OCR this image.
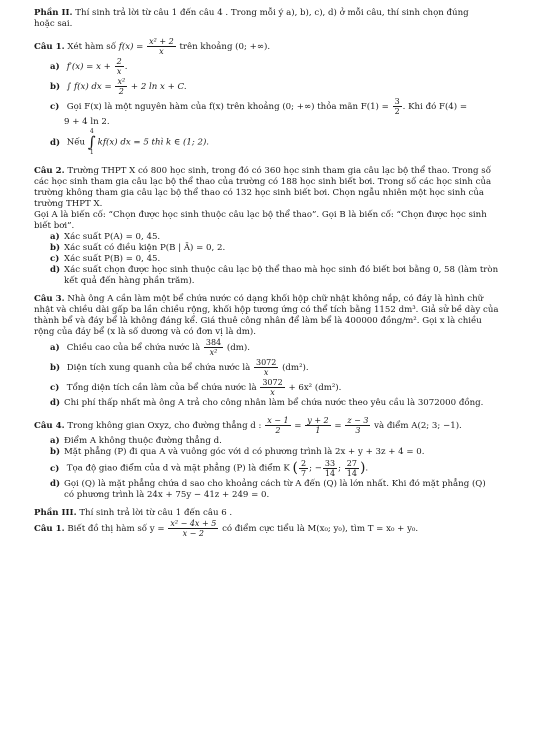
Phần II. Thí sinh trả lời từ câu 1 đến câu 4 . Trong mỗi ý a), b), c), d) ở mỗi câu, thí sinh chọn đúng

hoặc sai.

Câu 1. Xét hàm số $f(x) = \frac{\text{x² + 2}}{x}$ trên khoảng (0; +∞).

a) $f'(x) = x + \frac{2}{x}$ .

b) ∫ f(x) dx = $\frac{\text{x²}}{2} + 2$ ln x + C.

c) Gọi F(x) là một nguyên hàm của f(x) trên khoảng (0; +∞) thỏa mãn $F(1) = \frac{3}{2}$ . Khi đó F(4) =

9 + 4 ln 2.

d) Nếu
4
∫
1
kf(x) dx = 5 thì k ∈ (1; 2).

Câu 2. Trường THPT X có 800 học sinh, trong đó có 360 học sinh tham gia câu lạc bộ thể thao. Trong số

các học sinh tham gia câu lạc bộ thể thao của trường có 188 học sinh biết bơi. Trong số các học sinh của

trường không tham gia câu lạc bộ thể thao có 132 học sinh biết bơi. Chọn ngẫu nhiên một học sinh của

trường THPT X.

Gọi A là biến cố: “Chọn được học sinh thuộc câu lạc bộ thể thao”. Gọi B là biến cố: “Chọn được học sinh

biết bơi”.

a) Xác suất P(A) = 0, 45.

b) Xác suất có điều kiện P(B | Ā) = 0, 2.

c) Xác suất P(B) = 0, 45.

d) Xác suất chọn được học sinh thuộc câu lạc bộ thể thao mà học sinh đó biết bơi bằng 0, 58 (làm tròn

kết quả đến hàng phần trăm).

Câu 3. Nhà ông A cần làm một bể chứa nước có dạng khối hộp chữ nhật không nắp, có đáy là hình chữ

nhật và chiều dài gấp ba lần chiều rộng, khối hộp tương ứng có thể tích bằng 1152 dm³. Giả sử bề dày của

thành bể và đáy bể là không đáng kể. Giá thuê công nhân để làm bể là 400000 đồng/m². Gọi x là chiều

rộng của đáy bể (x là số dương và có đơn vị là dm).

a) Chiều cao của bể chứa nước là $\frac{384}{\text{x²}} (dm)$.

b) Diện tích xung quanh của bể chứa nước là $\frac{3072}{x} (dm^2)$.

c) Tổng diện tích cần làm của bể chứa nước là $\frac{3072}{x} + 6x^2$ (dm²).

d) Chi phí thấp nhất mà ông A trả cho công nhân làm bể chứa nước theo yêu cầu là 3072000 đồng.

Câu 4. Trong không gian Oxyz, cho đường thẳng d : $\frac{x - 1}{2} = \frac{y + 2}{1} = \frac{z - 3}{3}$ và điểm A(2; 3; −1).

a) Điểm A không thuộc đường thẳng d.

b) Mặt phẳng (P) đi qua A và vuông góc với d có phương trình là 2x + y + 3z + 4 = 0.

c) Tọa độ giao điểm của d và mặt phẳng (P) là điểm K ( $\frac{2}{7}$ ; − $\frac{33}{14}$ ; $\frac{27}{14}$ ).

d) Gọi (Q) là mặt phẳng chứa d sao cho khoảng cách từ A đến (Q) là lớn nhất. Khi đó mặt phẳng (Q)

có phương trình là 24x + 75y − 41z + 249 = 0.

Phần III. Thí sinh trả lời từ câu 1 đến câu 6 .

Câu 1. Biết đồ thị hàm số $y = \frac{\text{x² − 4x + 5}}{x - 2}$ có điểm cực tiểu là M(x₀; y₀), tìm T = x₀ + y₀.
